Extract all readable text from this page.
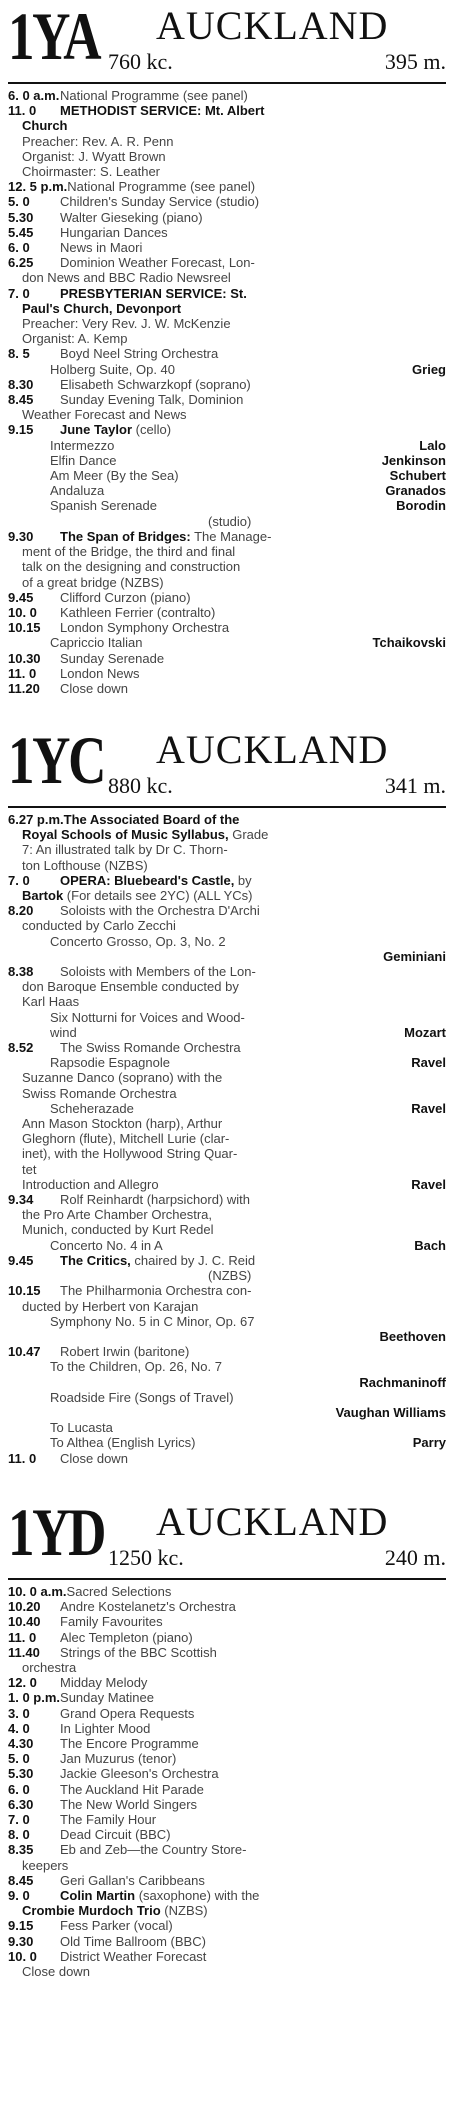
1YA AUCKLAND
760 kc.	395 m.
6. 0 a.m.National Programme (see panel)
11. 0 METHODIST SERVICE: Mt. Albert
Church
Preacher: Rev. A. R. Penn
Organist: J. Wyatt Brown
Choirmaster: S. Leather
12. 5 p.m.National Programme (see panel)
5. 0 Children's Sunday Service (studio)
5.30 Walter Gieseking (piano)
5.45 Hungarian Dances
6. 0 News in Maori
6.25 Dominion Weather Forecast, Lon-
don News and BBC Radio Newsreel
7. 0 PRESBYTERIAN SERVICE: St.
Paul's Church, Devonport
Preacher: Very Rev. J. W. McKenzie
Organist: A. Kemp
8. 5 Boyd Neel String Orchestra
Holberg Suite, Op. 40	Grieg
8.30 Elisabeth Schwarzkopf (soprano)
8.45 Sunday Evening Talk, Dominion
Weather Forecast and News
9.15 June Taylor (cello)
Intermezzo	Lalo
Elfin Dance	Jenkinson
Am Meer (By the Sea)	Schubert
Andaluza	Granados
Spanish Serenade	Borodin
(studio)
9.30 The Span of Bridges: The Manage-
ment of the Bridge, the third and final
talk on the designing and construction
of a great bridge (NZBS)
9.45 Clifford Curzon (piano)
10. 0 Kathleen Ferrier (contralto)
10.15 London Symphony Orchestra
Capriccio Italian	Tchaikovski
10.30 Sunday Serenade
11. 0 London News
11.20 Close down
1YC AUCKLAND
880 kc.	341 m.
6.27 p.m.The Associated Board of the
Royal Schools of Music Syllabus, Grade
7: An illustrated talk by Dr C. Thorn-
ton Lofthouse (NZBS)
7. 0 OPERA: Bluebeard's Castle, by
Bartok (For details see 2YC) (ALL YCs)
8.20 Soloists with the Orchestra D'Archi
conducted by Carlo Zecchi
Concerto Grosso, Op. 3, No. 2
Geminiani
8.38 Soloists with Members of the Lon-
don Baroque Ensemble conducted by
Karl Haas
Six Notturni for Voices and Wood-
wind	Mozart
8.52 The Swiss Romande Orchestra
Rapsodie Espagnole	Ravel
Suzanne Danco (soprano) with the
Swiss Romande Orchestra
Scheherazade	Ravel
Ann Mason Stockton (harp), Arthur
Gleghorn (flute), Mitchell Lurie (clar-
inet), with the Hollywood String Quar-
tet
Introduction and Allegro	Ravel
9.34 Rolf Reinhardt (harpsichord) with
the Pro Arte Chamber Orchestra,
Munich, conducted by Kurt Redel
Concerto No. 4 in A	Bach
9.45 The Critics, chaired by J. C. Reid
(NZBS)
10.15 The Philharmonia Orchestra con-
ducted by Herbert von Karajan
Symphony No. 5 in C Minor, Op. 67
Beethoven
10.47 Robert Irwin (baritone)
To the Children, Op. 26, No. 7
Rachmaninoff
Roadside Fire (Songs of Travel)
Vaughan Williams
To Lucasta
To Althea (English Lyrics)	Parry
11. 0 Close down
1YD AUCKLAND
1250 kc.	240 m.
10. 0 a.m.Sacred Selections
10.20 Andre Kostelanetz's Orchestra
10.40 Family Favourites
11. 0 Alec Templeton (piano)
11.40 Strings of the BBC Scottish
orchestra
12. 0 Midday Melody
1. 0 p.m.Sunday Matinee
3. 0 Grand Opera Requests
4. 0 In Lighter Mood
4.30 The Encore Programme
5. 0 Jan Muzurus (tenor)
5.30 Jackie Gleeson's Orchestra
6. 0 The Auckland Hit Parade
6.30 The New World Singers
7. 0 The Family Hour
8. 0 Dead Circuit (BBC)
8.35 Eb and Zeb—the Country Store-
keepers
8.45 Geri Gallan's Caribbeans
9. 0 Colin Martin (saxophone) with the
Crombie Murdoch Trio (NZBS)
9.15 Fess Parker (vocal)
9.30 Old Time Ballroom (BBC)
10. 0 District Weather Forecast
Close down
